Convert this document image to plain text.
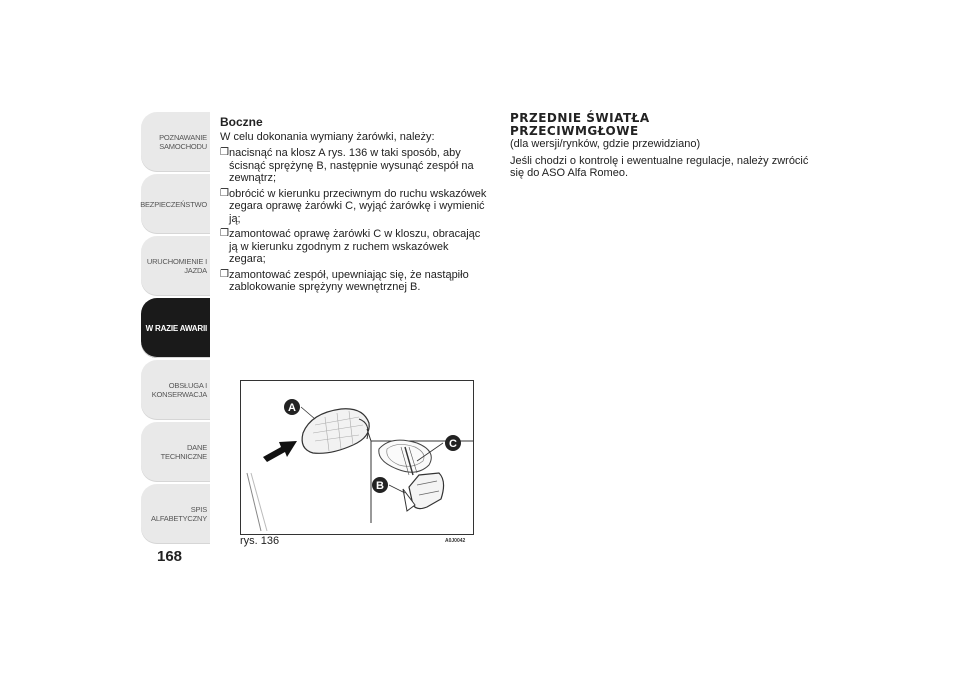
POZNAWANIE
SAMOCHODU
BEZPIECZEŃSTWO
URUCHOMIENIE I
JAZDA
W RAZIE AWARII
OBSŁUGA I
KONSERWACJA
DANE TECHNICZNE
SPIS ALFABETYCZNY
168
Boczne

W celu dokonania wymiany żarówki, należy:

❒ nacisnąć na klosz A rys. 136 w taki sposób, aby ścisnąć sprężynę B, następnie wysunąć zespół na zewnątrz;
❒ obrócić w kierunku przeciwnym do ruchu wskazówek zegara oprawę żarówki C, wyjąć żarówkę i wymienić ją;
❒ zamontować oprawę żarówki C w kloszu, obracając ją w kierunku zgodnym z ruchem wskazówek zegara;
❒ zamontować zespół, upewniając się, że nastąpiło zablokowanie sprężyny wewnętrznej B.
PRZEDNIE ŚWIATŁA
PRZECIWMGŁOWE

(dla wersji/rynków, gdzie przewidziano)

Jeśli chodzi o kontrolę i ewentualne regulacje, należy zwrócić się do ASO Alfa Romeo.

A
C
B
rys. 136	A0J0042
